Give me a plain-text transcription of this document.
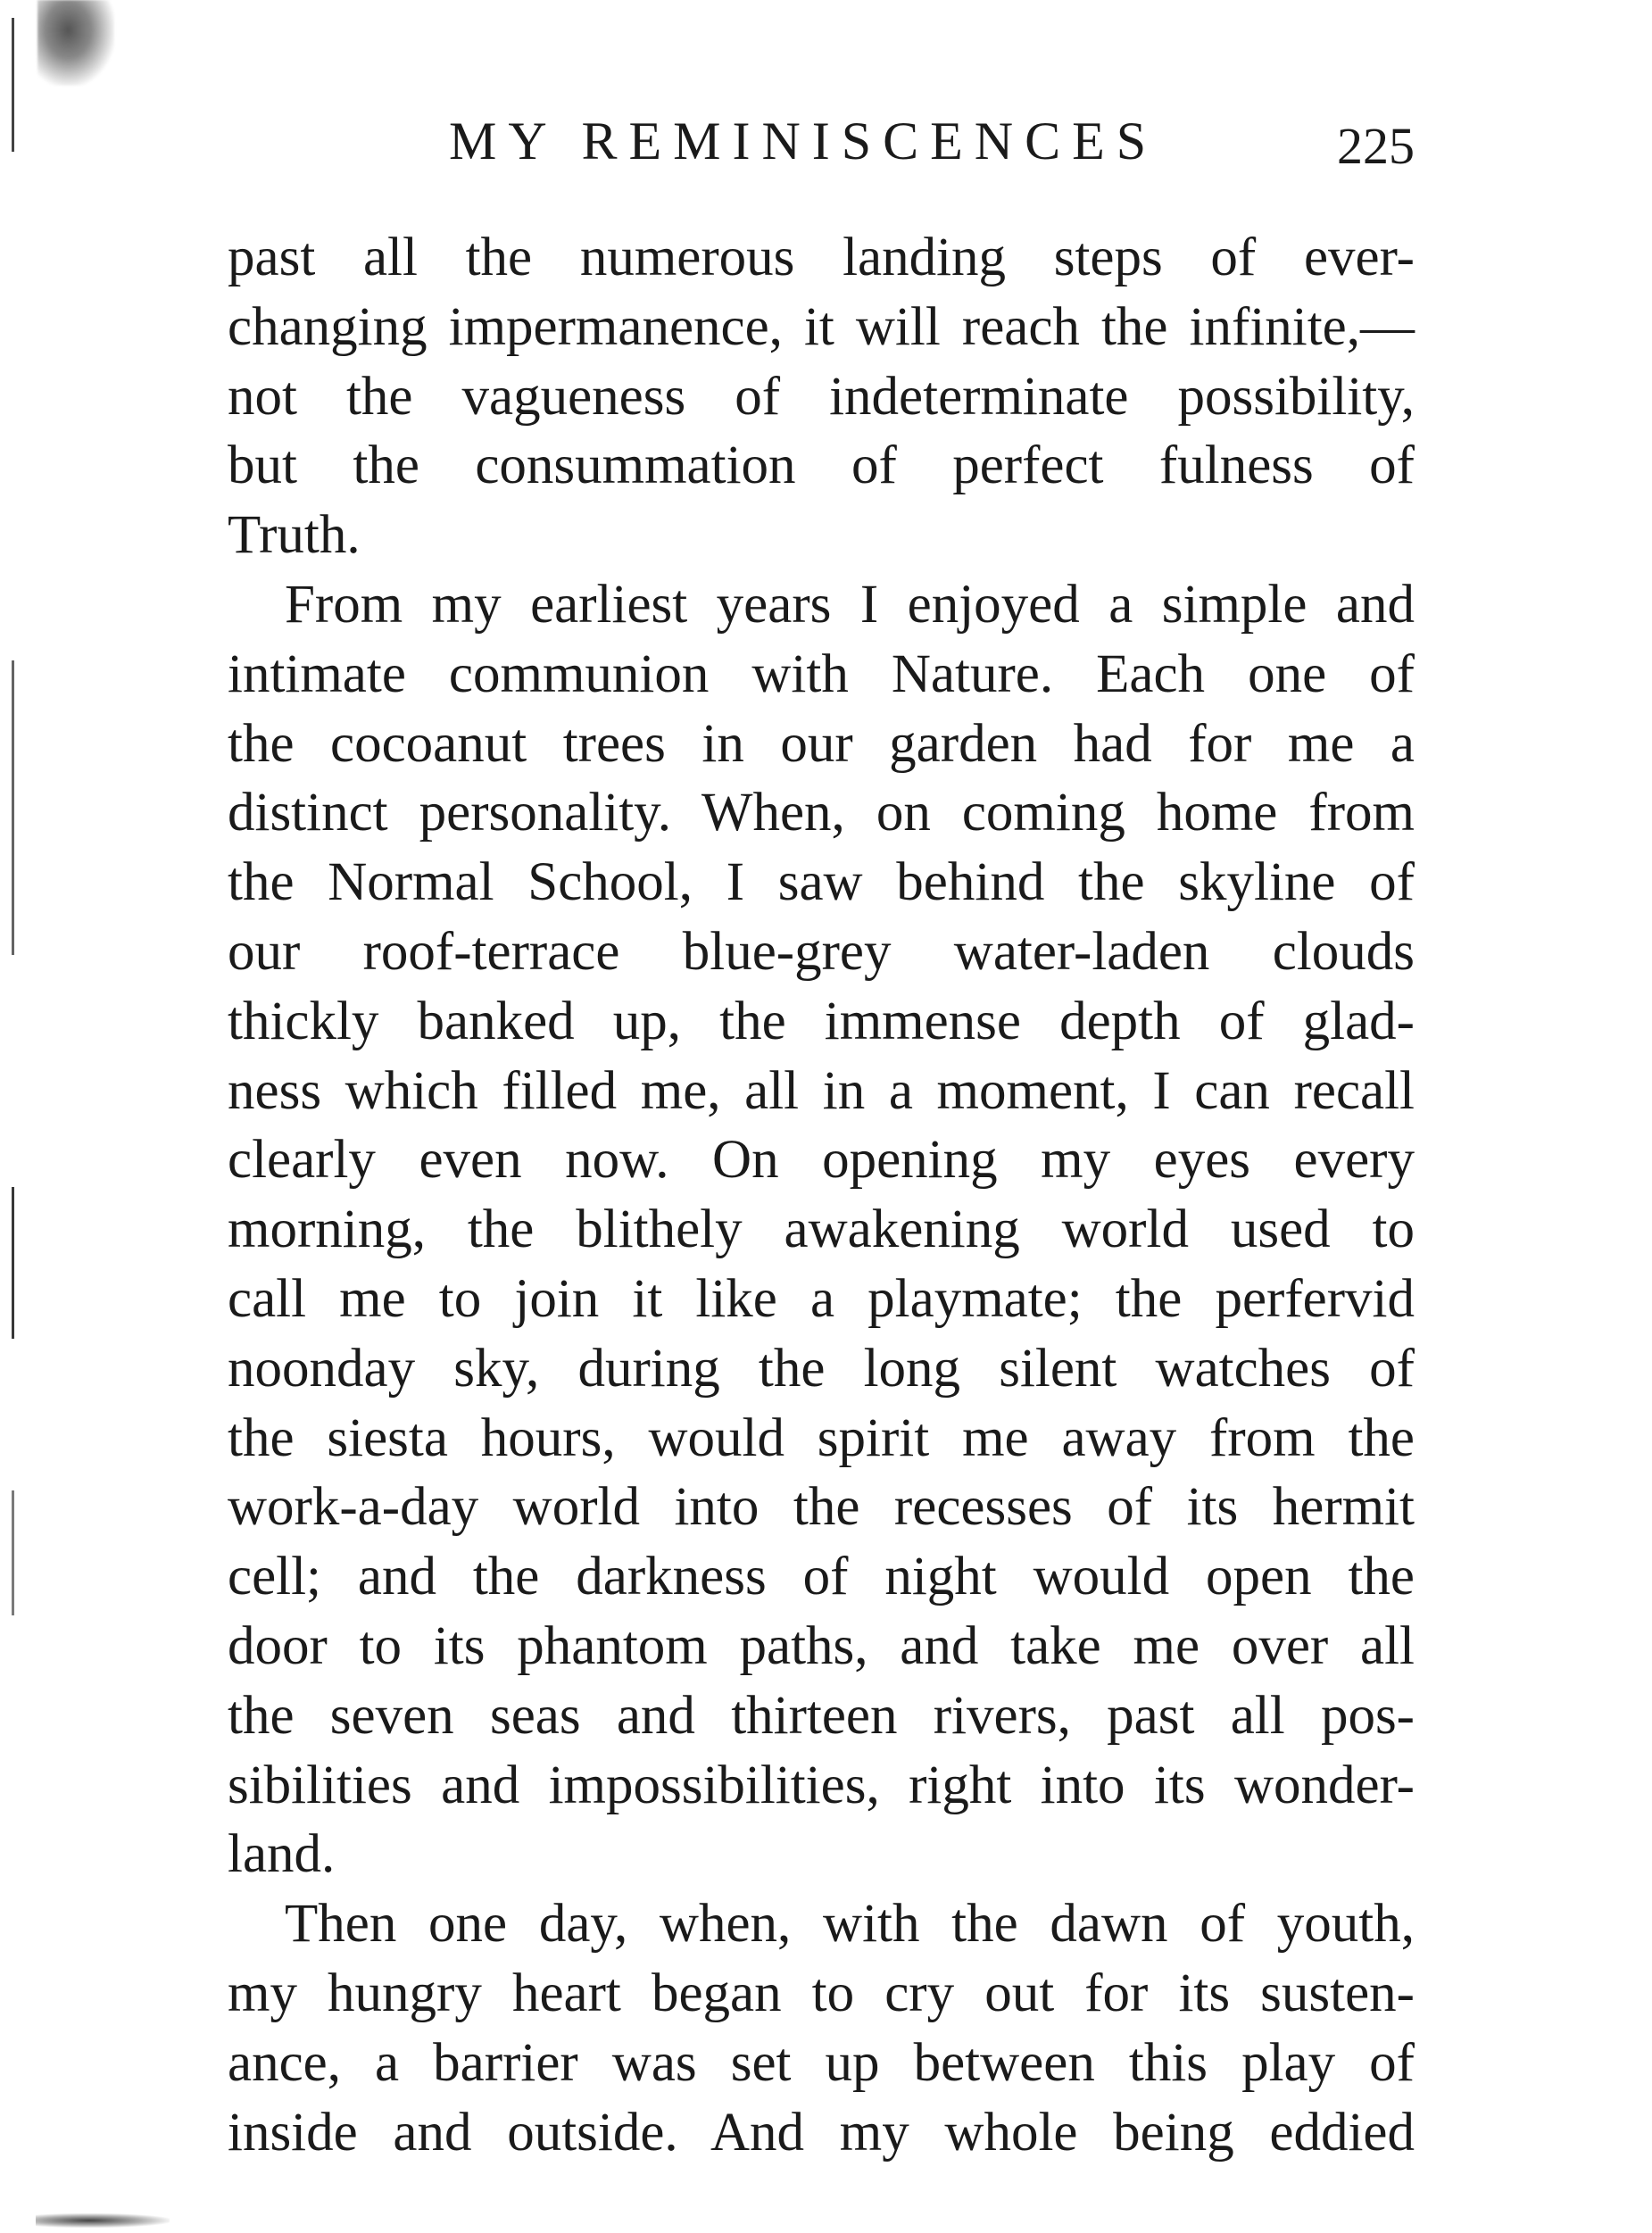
MY REMINISCENCES	225
past all the numerous landing steps of ever-
changing impermanence, it will reach the infinite,—
not the vagueness of indeterminate possibility,
but the consummation of perfect fulness of
Truth.
From my earliest years I enjoyed a simple and
intimate communion with Nature. Each one of
the cocoanut trees in our garden had for me a
distinct personality. When, on coming home from
the Normal School, I saw behind the skyline of
our roof-terrace blue-grey water-laden clouds
thickly banked up, the immense depth of glad-
ness which filled me, all in a moment, I can recall
clearly even now. On opening my eyes every
morning, the blithely awakening world used to
call me to join it like a playmate; the perfervid
noonday sky, during the long silent watches of
the siesta hours, would spirit me away from the
work-a-day world into the recesses of its hermit
cell; and the darkness of night would open the
door to its phantom paths, and take me over all
the seven seas and thirteen rivers, past all pos-
sibilities and impossibilities, right into its wonder-
land.
Then one day, when, with the dawn of youth,
my hungry heart began to cry out for its susten-
ance, a barrier was set up between this play of
inside and outside. And my whole being eddied
